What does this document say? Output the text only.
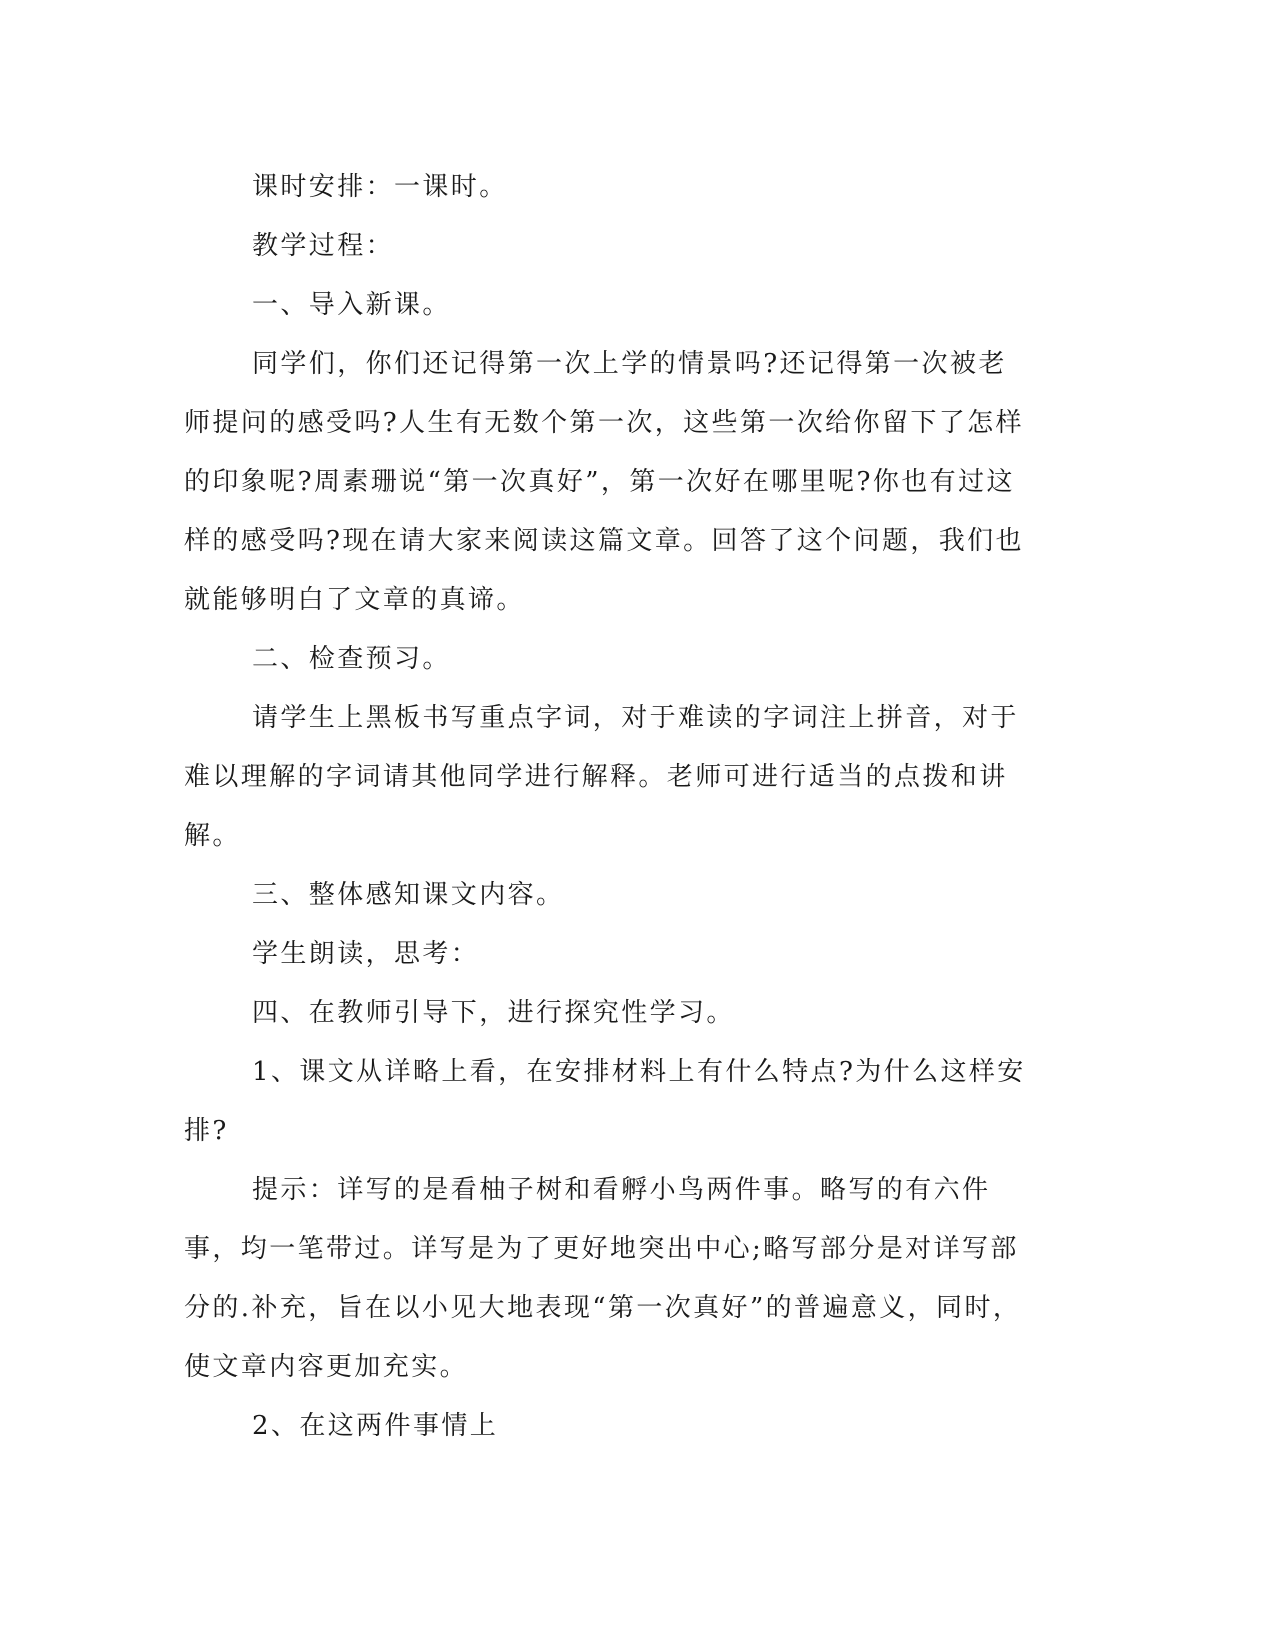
课时安排：一课时。

教学过程：

一、导入新课。

同学们，你们还记得第一次上学的情景吗?还记得第一次被老师提问的感受吗?人生有无数个第一次，这些第一次给你留下了怎样的印象呢?周素珊说“第一次真好”，第一次好在哪里呢?你也有过这样的感受吗?现在请大家来阅读这篇文章。回答了这个问题，我们也就能够明白了文章的真谛。

二、检查预习。

请学生上黑板书写重点字词，对于难读的字词注上拼音，对于难以理解的字词请其他同学进行解释。老师可进行适当的点拨和讲解。

三、整体感知课文内容。

学生朗读，思考：

四、在教师引导下，进行探究性学习。

1、课文从详略上看，在安排材料上有什么特点?为什么这样安排?

提示：详写的是看柚子树和看孵小鸟两件事。略写的有六件事，均一笔带过。详写是为了更好地突出中心;略写部分是对详写部分的.补充，旨在以小见大地表现“第一次真好”的普遍意义，同时，使文章内容更加充实。

2、在这两件事情上
